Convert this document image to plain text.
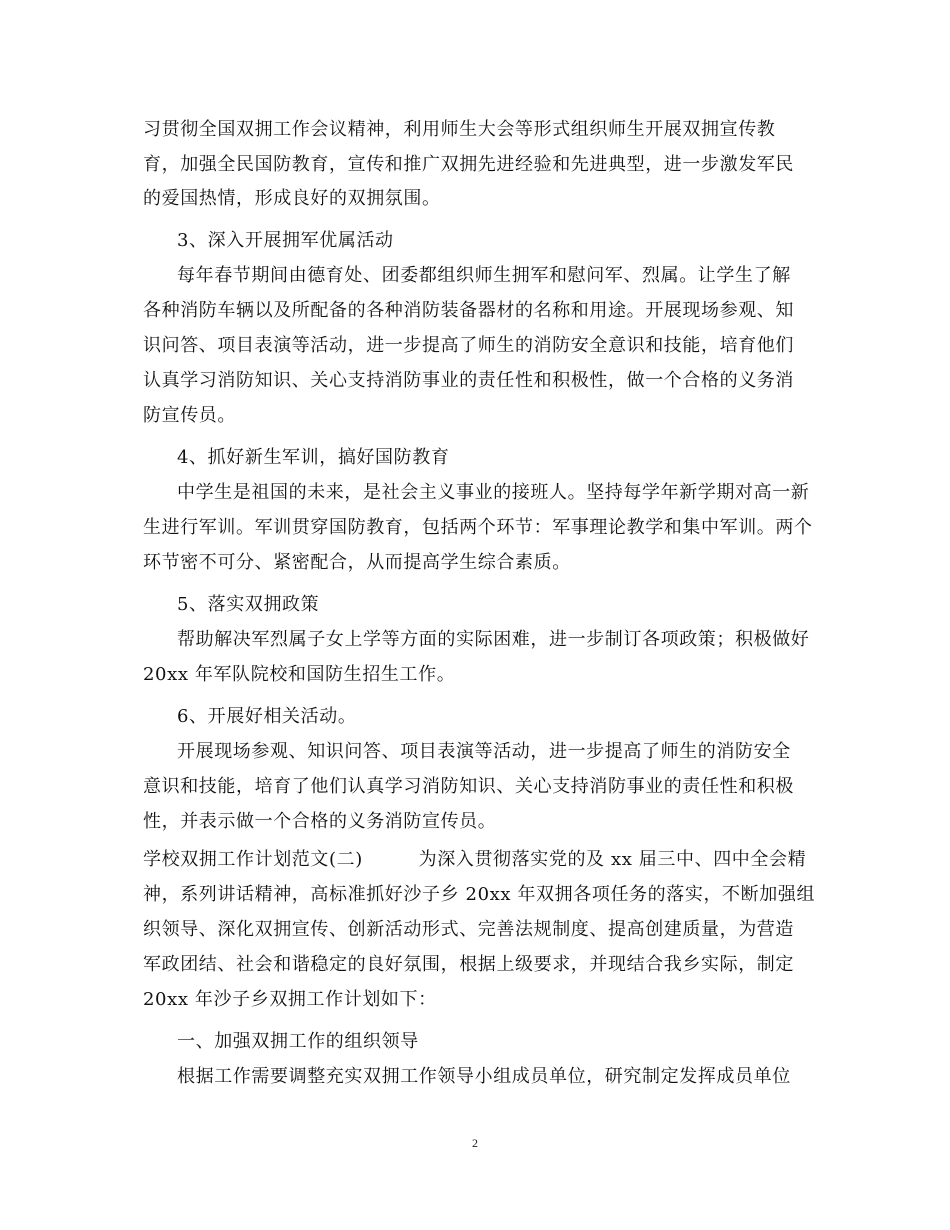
习贯彻全国双拥工作会议精神，利用师生大会等形式组织师生开展双拥宣传教
育，加强全民国防教育，宣传和推广双拥先进经验和先进典型，进一步激发军民
的爱国热情，形成良好的双拥氛围。
3、深入开展拥军优属活动
每年春节期间由德育处、团委都组织师生拥军和慰问军、烈属。让学生了解
各种消防车辆以及所配备的各种消防装备器材的名称和用途。开展现场参观、知
识问答、项目表演等活动，进一步提高了师生的消防安全意识和技能，培育他们
认真学习消防知识、关心支持消防事业的责任性和积极性，做一个合格的义务消
防宣传员。
4、抓好新生军训，搞好国防教育
中学生是祖国的未来，是社会主义事业的接班人。坚持每学年新学期对高一新
生进行军训。军训贯穿国防教育，包括两个环节：军事理论教学和集中军训。两个
环节密不可分、紧密配合，从而提高学生综合素质。
5、落实双拥政策
帮助解决军烈属子女上学等方面的实际困难，进一步制订各项政策；积极做好
20xx 年军队院校和国防生招生工作。
6、开展好相关活动。
开展现场参观、知识问答、项目表演等活动，进一步提高了师生的消防安全
意识和技能，培育了他们认真学习消防知识、关心支持消防事业的责任性和积极
性，并表示做一个合格的义务消防宣传员。
学校双拥工作计划范文(二)　　　为深入贯彻落实党的及 xx 届三中、四中全会精
神，系列讲话精神，高标准抓好沙子乡 20xx 年双拥各项任务的落实，不断加强组
织领导、深化双拥宣传、创新活动形式、完善法规制度、提高创建质量，为营造
军政团结、社会和谐稳定的良好氛围，根据上级要求，并现结合我乡实际，制定
20xx 年沙子乡双拥工作计划如下：
一、加强双拥工作的组织领导
根据工作需要调整充实双拥工作领导小组成员单位，研究制定发挥成员单位
2
